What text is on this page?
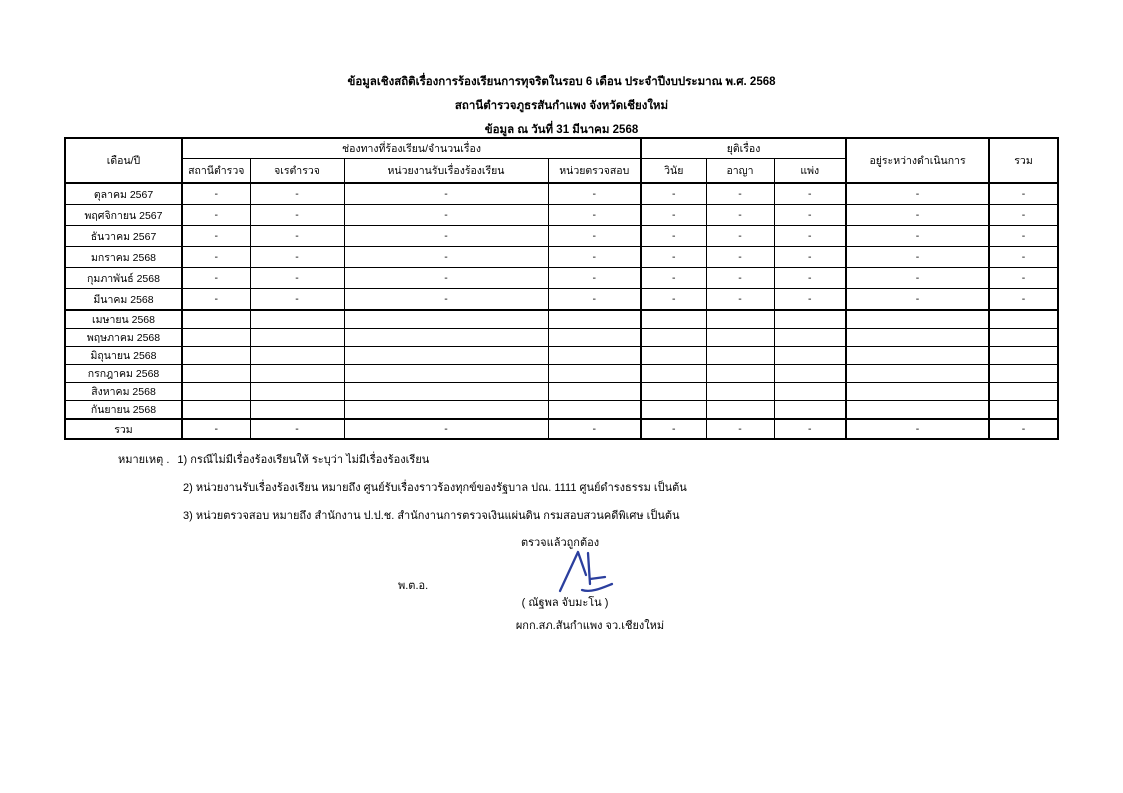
ข้อมูลเชิงสถิติเรื่องการร้องเรียนการทุจริตในรอบ 6 เดือน ประจำปีงบประมาณ พ.ศ. 2568
สถานีตำรวจภูธรสันกำแพง จังหวัดเชียงใหม่
ข้อมูล ณ วันที่ 31 มีนาคม 2568
เดือน/ปี	ช่องทางที่ร้องเรียน/จำนวนเรื่อง				ยุติเรื่อง			อยู่ระหว่างดำเนินการ	รวม
	สถานีตำรวจ	จเรตำรวจ	หน่วยงานรับเรื่องร้องเรียน	หน่วยตรวจสอบ	วินัย	อาญา	แพ่ง		
ตุลาคม 2567	-	-	-	-	-	-	-	-	-
พฤศจิกายน 2567	-	-	-	-	-	-	-	-	-
ธันวาคม 2567	-	-	-	-	-	-	-	-	-
มกราคม 2568	-	-	-	-	-	-	-	-	-
กุมภาพันธ์ 2568	-	-	-	-	-	-	-	-	-
มีนาคม 2568	-	-	-	-	-	-	-	-	-
เมษายน 2568									
พฤษภาคม 2568									
มิถุนายน 2568									
กรกฎาคม 2568									
สิงหาคม 2568									
กันยายน 2568									
รวม	-	-	-	-	-	-	-	-	-
หมายเหตุ . 1) กรณีไม่มีเรื่องร้องเรียนให้ ระบุว่า ไม่มีเรื่องร้องเรียน
2) หน่วยงานรับเรื่องร้องเรียน หมายถึง ศูนย์รับเรื่องราวร้องทุกข์ของรัฐบาล ปณ. 1111 ศูนย์ดำรงธรรม เป็นต้น
3) หน่วยตรวจสอบ หมายถึง สำนักงาน ป.ป.ช. สำนักงานการตรวจเงินแผ่นดิน กรมสอบสวนคดีพิเศษ เป็นต้น
ตรวจแล้วถูกต้อง
พ.ต.อ.
( ณัฐพล จับมะโน )
ผกก.สภ.สันกำแพง จว.เชียงใหม่
